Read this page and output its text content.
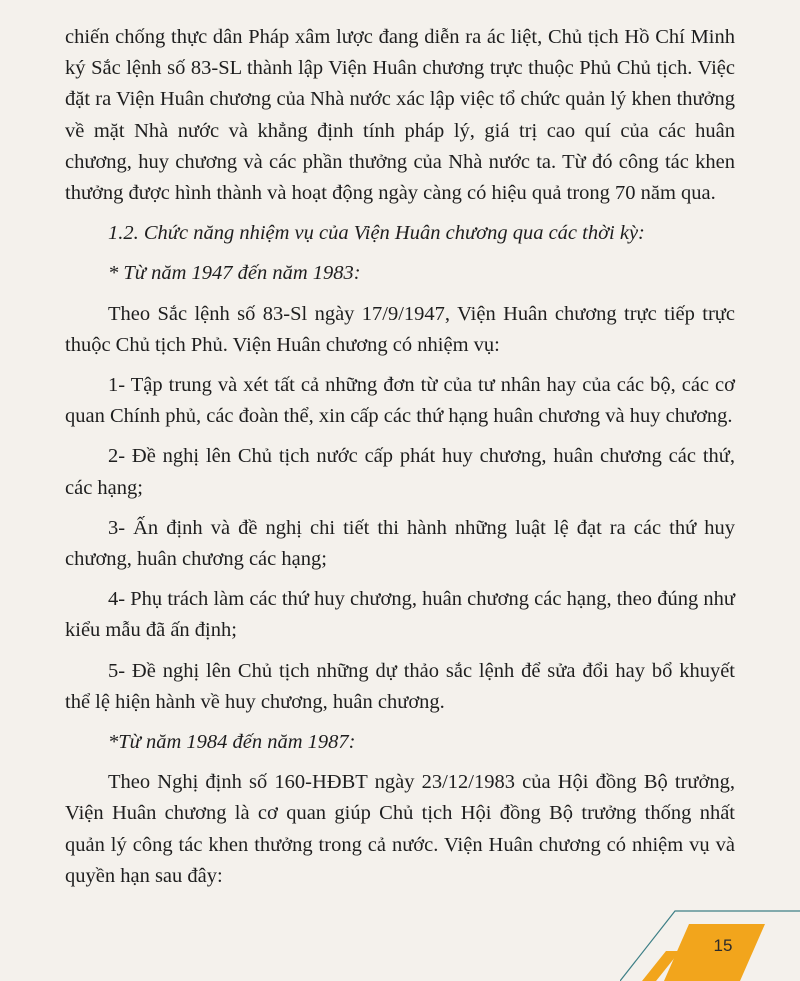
chiến chống thực dân Pháp xâm lược đang diễn ra ác liệt, Chủ tịch Hồ Chí Minh ký Sắc lệnh số 83-SL thành lập Viện Huân chương trực thuộc Phủ Chủ tịch. Việc đặt ra Viện Huân chương của Nhà nước xác lập việc tổ chức quản lý khen thưởng về mặt Nhà nước và khẳng định tính pháp lý, giá trị cao quí của các huân chương, huy chương và các phần thưởng của Nhà nước ta. Từ đó công tác khen thưởng được hình thành và hoạt động ngày càng có hiệu quả trong 70 năm qua.

1.2. Chức năng nhiệm vụ của Viện Huân chương qua các thời kỳ:

* Từ năm 1947 đến năm 1983:

Theo Sắc lệnh số 83-Sl ngày 17/9/1947, Viện Huân chương trực tiếp trực thuộc Chủ tịch Phủ. Viện Huân chương có nhiệm vụ:

1- Tập trung và xét tất cả những đơn từ của tư nhân hay của các bộ, các cơ quan Chính phủ, các đoàn thể, xin cấp các thứ hạng huân chương và huy chương.

2- Đề nghị lên Chủ tịch nước cấp phát huy chương, huân chương các thứ, các hạng;

3- Ấn định và đề nghị chi tiết thi hành những luật lệ đạt ra các thứ huy chương, huân chương các hạng;

4- Phụ trách làm các thứ huy chương, huân chương các hạng, theo đúng như kiểu mẫu đã ấn định;

5- Đề nghị lên Chủ tịch những dự thảo sắc lệnh để sửa đổi hay bổ khuyết thể lệ hiện hành về huy chương, huân chương.

*Từ năm 1984 đến năm 1987:

Theo Nghị định số 160-HĐBT ngày 23/12/1983 của Hội đồng Bộ trưởng, Viện Huân chương là cơ quan giúp Chủ tịch Hội đồng Bộ trưởng thống nhất quản lý công tác khen thưởng trong cả nước. Viện Huân chương có nhiệm vụ và quyền hạn sau đây:

15
